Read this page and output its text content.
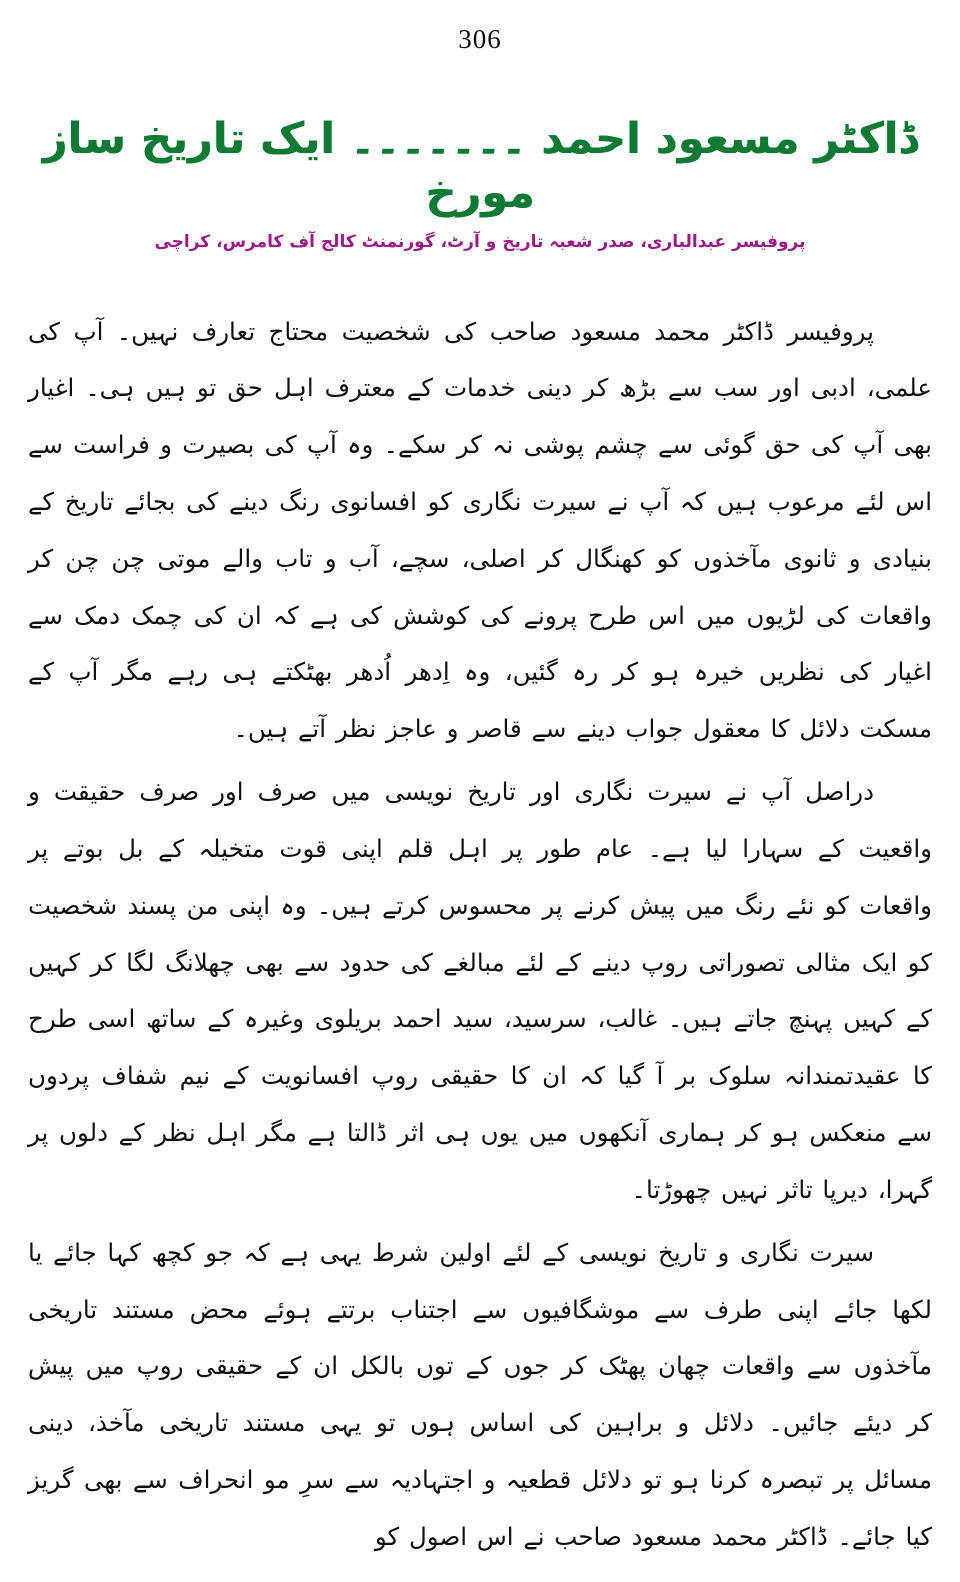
306
ڈاکٹر مسعود احمد ۔۔۔۔۔۔۔ ایک تاریخ ساز مورخ
پروفیسر عبدالباری، صدر شعبہ تاریخ و آرٹ، گورنمنٹ کالج آف کامرس، کراچی

پروفیسر ڈاکٹر محمد مسعود صاحب کی شخصیت محتاج تعارف نہیں۔ آپ کی علمی، ادبی اور سب سے بڑھ کر دینی خدمات کے معترف اہل حق تو ہیں ہی۔ اغیار بھی آپ کی حق گوئی سے چشم پوشی نہ کر سکے۔ وہ آپ کی بصیرت و فراست سے اس لئے مرعوب ہیں کہ آپ نے سیرت نگاری کو افسانوی رنگ دینے کی بجائے تاریخ کے بنیادی و ثانوی مآخذوں کو کھنگال کر اصلی، سچے، آب و تاب والے موتی چن چن کر واقعات کی لڑیوں میں اس طرح پرونے کی کوشش کی ہے کہ ان کی چمک دمک سے اغیار کی نظریں خیرہ ہو کر رہ گئیں، وہ اِدھر اُدھر بھٹکتے ہی رہے مگر آپ کے مسکت دلائل کا معقول جواب دینے سے قاصر و عاجز نظر آتے ہیں۔

دراصل آپ نے سیرت نگاری اور تاریخ نویسی میں صرف اور صرف حقیقت و واقعیت کے سہارا لیا ہے۔ عام طور پر اہل قلم اپنی قوت متخیلہ کے بل بوتے پر واقعات کو نئے رنگ میں پیش کرنے پر محسوس کرتے ہیں۔ وہ اپنی من پسند شخصیت کو ایک مثالی تصوراتی روپ دینے کے لئے مبالغے کی حدود سے بھی چھلانگ لگا کر کہیں کے کہیں پہنچ جاتے ہیں۔ غالب، سرسید، سید احمد بریلوی وغیرہ کے ساتھ اسی طرح کا عقیدتمندانہ سلوک بر آ گیا کہ ان کا حقیقی روپ افسانویت کے نیم شفاف پردوں سے منعکس ہو کر ہماری آنکھوں میں یوں ہی اثر ڈالتا ہے مگر اہل نظر کے دلوں پر گہرا، دیرپا تاثر نہیں چھوڑتا۔

سیرت نگاری و تاریخ نویسی کے لئے اولین شرط یہی ہے کہ جو کچھ کہا جائے یا لکھا جائے اپنی طرف سے موشگافیوں سے اجتناب برتتے ہوئے محض مستند تاریخی مآخذوں سے واقعات چھان پھٹک کر جوں کے توں بالکل ان کے حقیقی روپ میں پیش کر دیئے جائیں۔ دلائل و براہین کی اساس ہوں تو یہی مستند تاریخی مآخذ، دینی مسائل پر تبصرہ کرنا ہو تو دلائل قطعیہ و اجتہادیہ سے سرِ مو انحراف سے بھی گریز کیا جائے۔ ڈاکٹر محمد مسعود صاحب نے اس اصول کو
